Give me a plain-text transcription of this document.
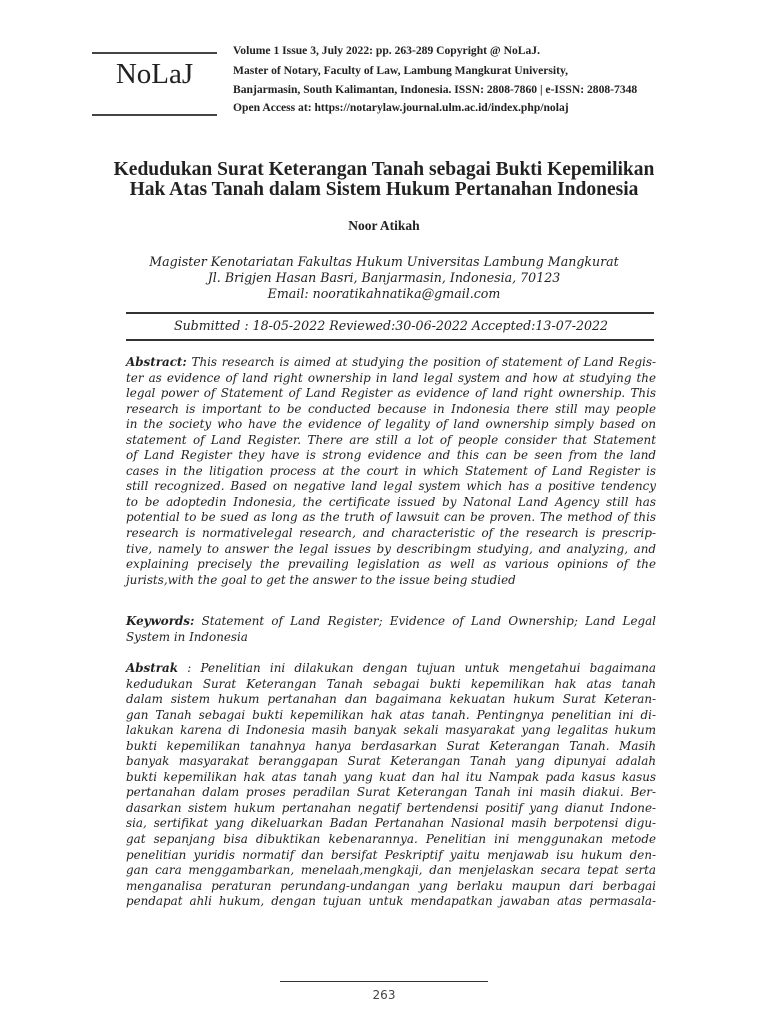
NoLaJ
Volume 1 Issue 3, July 2022: pp. 263-289 Copyright @ NoLaJ.
Master of Notary, Faculty of Law, Lambung Mangkurat University,
Banjarmasin, South Kalimantan, Indonesia. ISSN: 2808-7860 | e-ISSN: 2808-7348
Open Access at: https://notarylaw.journal.ulm.ac.id/index.php/nolaj
Kedudukan Surat Keterangan Tanah sebagai Bukti Kepemilikan
Hak Atas Tanah dalam Sistem Hukum Pertanahan Indonesia
Noor Atikah
Magister Kenotariatan Fakultas Hukum Universitas Lambung Mangkurat
Jl. Brigjen Hasan Basri, Banjarmasin, Indonesia, 70123
Email: nooratikahnatika@gmail.com
Submitted : 18-05-2022 Reviewed:30-06-2022 Accepted:13-07-2022
Abstract: This research is aimed at studying the position of statement of Land Regis-
ter as evidence of land right ownership in land legal system and how at studying the
legal power of Statement of Land Register as evidence of land right ownership. This
research is important to be conducted because in Indonesia there still may people
in the society who have the evidence of legality of land ownership simply based on
statement of Land Register. There are still a lot of people consider that Statement
of Land Register they have is strong evidence and this can be seen from the land
cases in the litigation process at the court in which Statement of Land Register is
still recognized. Based on negative land legal system which has a positive tendency
to be adoptedin Indonesia, the certificate issued by Natonal Land Agency still has
potential to be sued as long as the truth of lawsuit can be proven. The method of this
research is normativelegal research, and characteristic of the research is prescrip-
tive, namely to answer the legal issues by describingm studying, and analyzing, and
explaining precisely the prevailing legislation as well as various opinions of the
jurists,with the goal to get the answer to the issue being studied
Keywords: Statement of Land Register; Evidence of Land Ownership; Land Legal
System in Indonesia
Abstrak : Penelitian ini dilakukan dengan tujuan untuk mengetahui bagaimana
kedudukan Surat Keterangan Tanah sebagai bukti kepemilikan hak atas tanah
dalam sistem hukum pertanahan dan bagaimana kekuatan hukum Surat Keteran-
gan Tanah sebagai bukti kepemilikan hak atas tanah. Pentingnya penelitian ini di-
lakukan karena di Indonesia masih banyak sekali masyarakat yang legalitas hukum
bukti kepemilikan tanahnya hanya berdasarkan Surat Keterangan Tanah. Masih
banyak masyarakat beranggapan Surat Keterangan Tanah yang dipunyai adalah
bukti kepemilikan hak atas tanah yang kuat dan hal itu Nampak pada kasus kasus
pertanahan dalam proses peradilan Surat Keterangan Tanah ini masih diakui. Ber-
dasarkan sistem hukum pertanahan negatif bertendensi positif yang dianut Indone-
sia, sertifikat yang dikeluarkan Badan Pertanahan Nasional masih berpotensi digu-
gat sepanjang bisa dibuktikan kebenarannya. Penelitian ini menggunakan metode
penelitian yuridis normatif dan bersifat Peskriptif yaitu menjawab isu hukum den-
gan cara menggambarkan, menelaah,mengkaji, dan menjelaskan secara tepat serta
menganalisa peraturan perundang-undangan yang berlaku maupun dari berbagai
pendapat ahli hukum, dengan tujuan untuk mendapatkan jawaban atas permasala-
263
